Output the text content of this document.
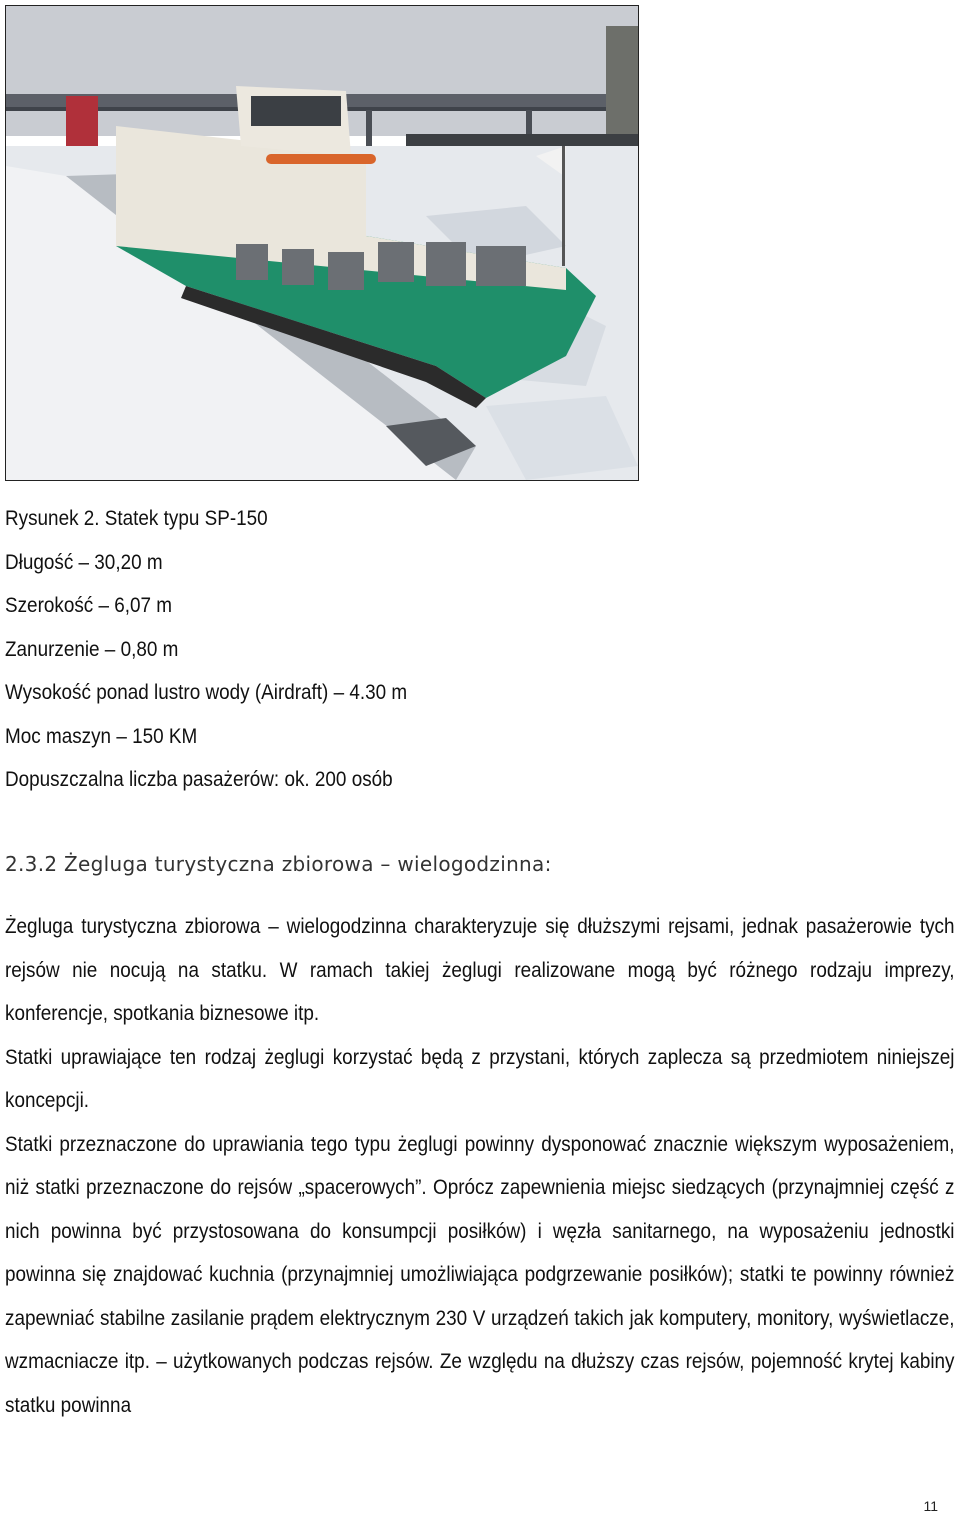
Rysunek 2. Statek typu SP-150
Długość – 30,20 m
Szerokość – 6,07 m
Zanurzenie – 0,80 m
Wysokość ponad lustro wody (Airdraft) – 4.30 m
Moc maszyn – 150 KM
Dopuszczalna liczba pasażerów: ok. 200 osób
2.3.2 Żegluga turystyczna zbiorowa – wielogodzinna:

Żegluga turystyczna zbiorowa – wielogodzinna charakteryzuje się dłuższymi rejsami, jednak pasażerowie tych rejsów nie nocują na statku. W ramach takiej żeglugi realizowane mogą być różnego rodzaju imprezy, konferencje, spotkania biznesowe itp.

Statki uprawiające ten rodzaj żeglugi korzystać będą z przystani, których zaplecza są przedmiotem niniejszej koncepcji.

Statki przeznaczone do uprawiania tego typu żeglugi powinny dysponować znacznie większym wyposażeniem, niż statki przeznaczone do rejsów „spacerowych”. Oprócz zapewnienia miejsc siedzących (przynajmniej część z nich powinna być przystosowana do konsumpcji posiłków) i węzła sanitarnego, na wyposażeniu jednostki powinna się znajdować kuchnia (przynajmniej umożliwiająca podgrzewanie posiłków); statki te powinny również zapewniać stabilne zasilanie prądem elektrycznym 230 V urządzeń takich jak komputery, monitory, wyświetlacze, wzmacniacze itp. – użytkowanych podczas rejsów. Ze względu na dłuższy czas rejsów, pojemność krytej kabiny statku powinna

11
